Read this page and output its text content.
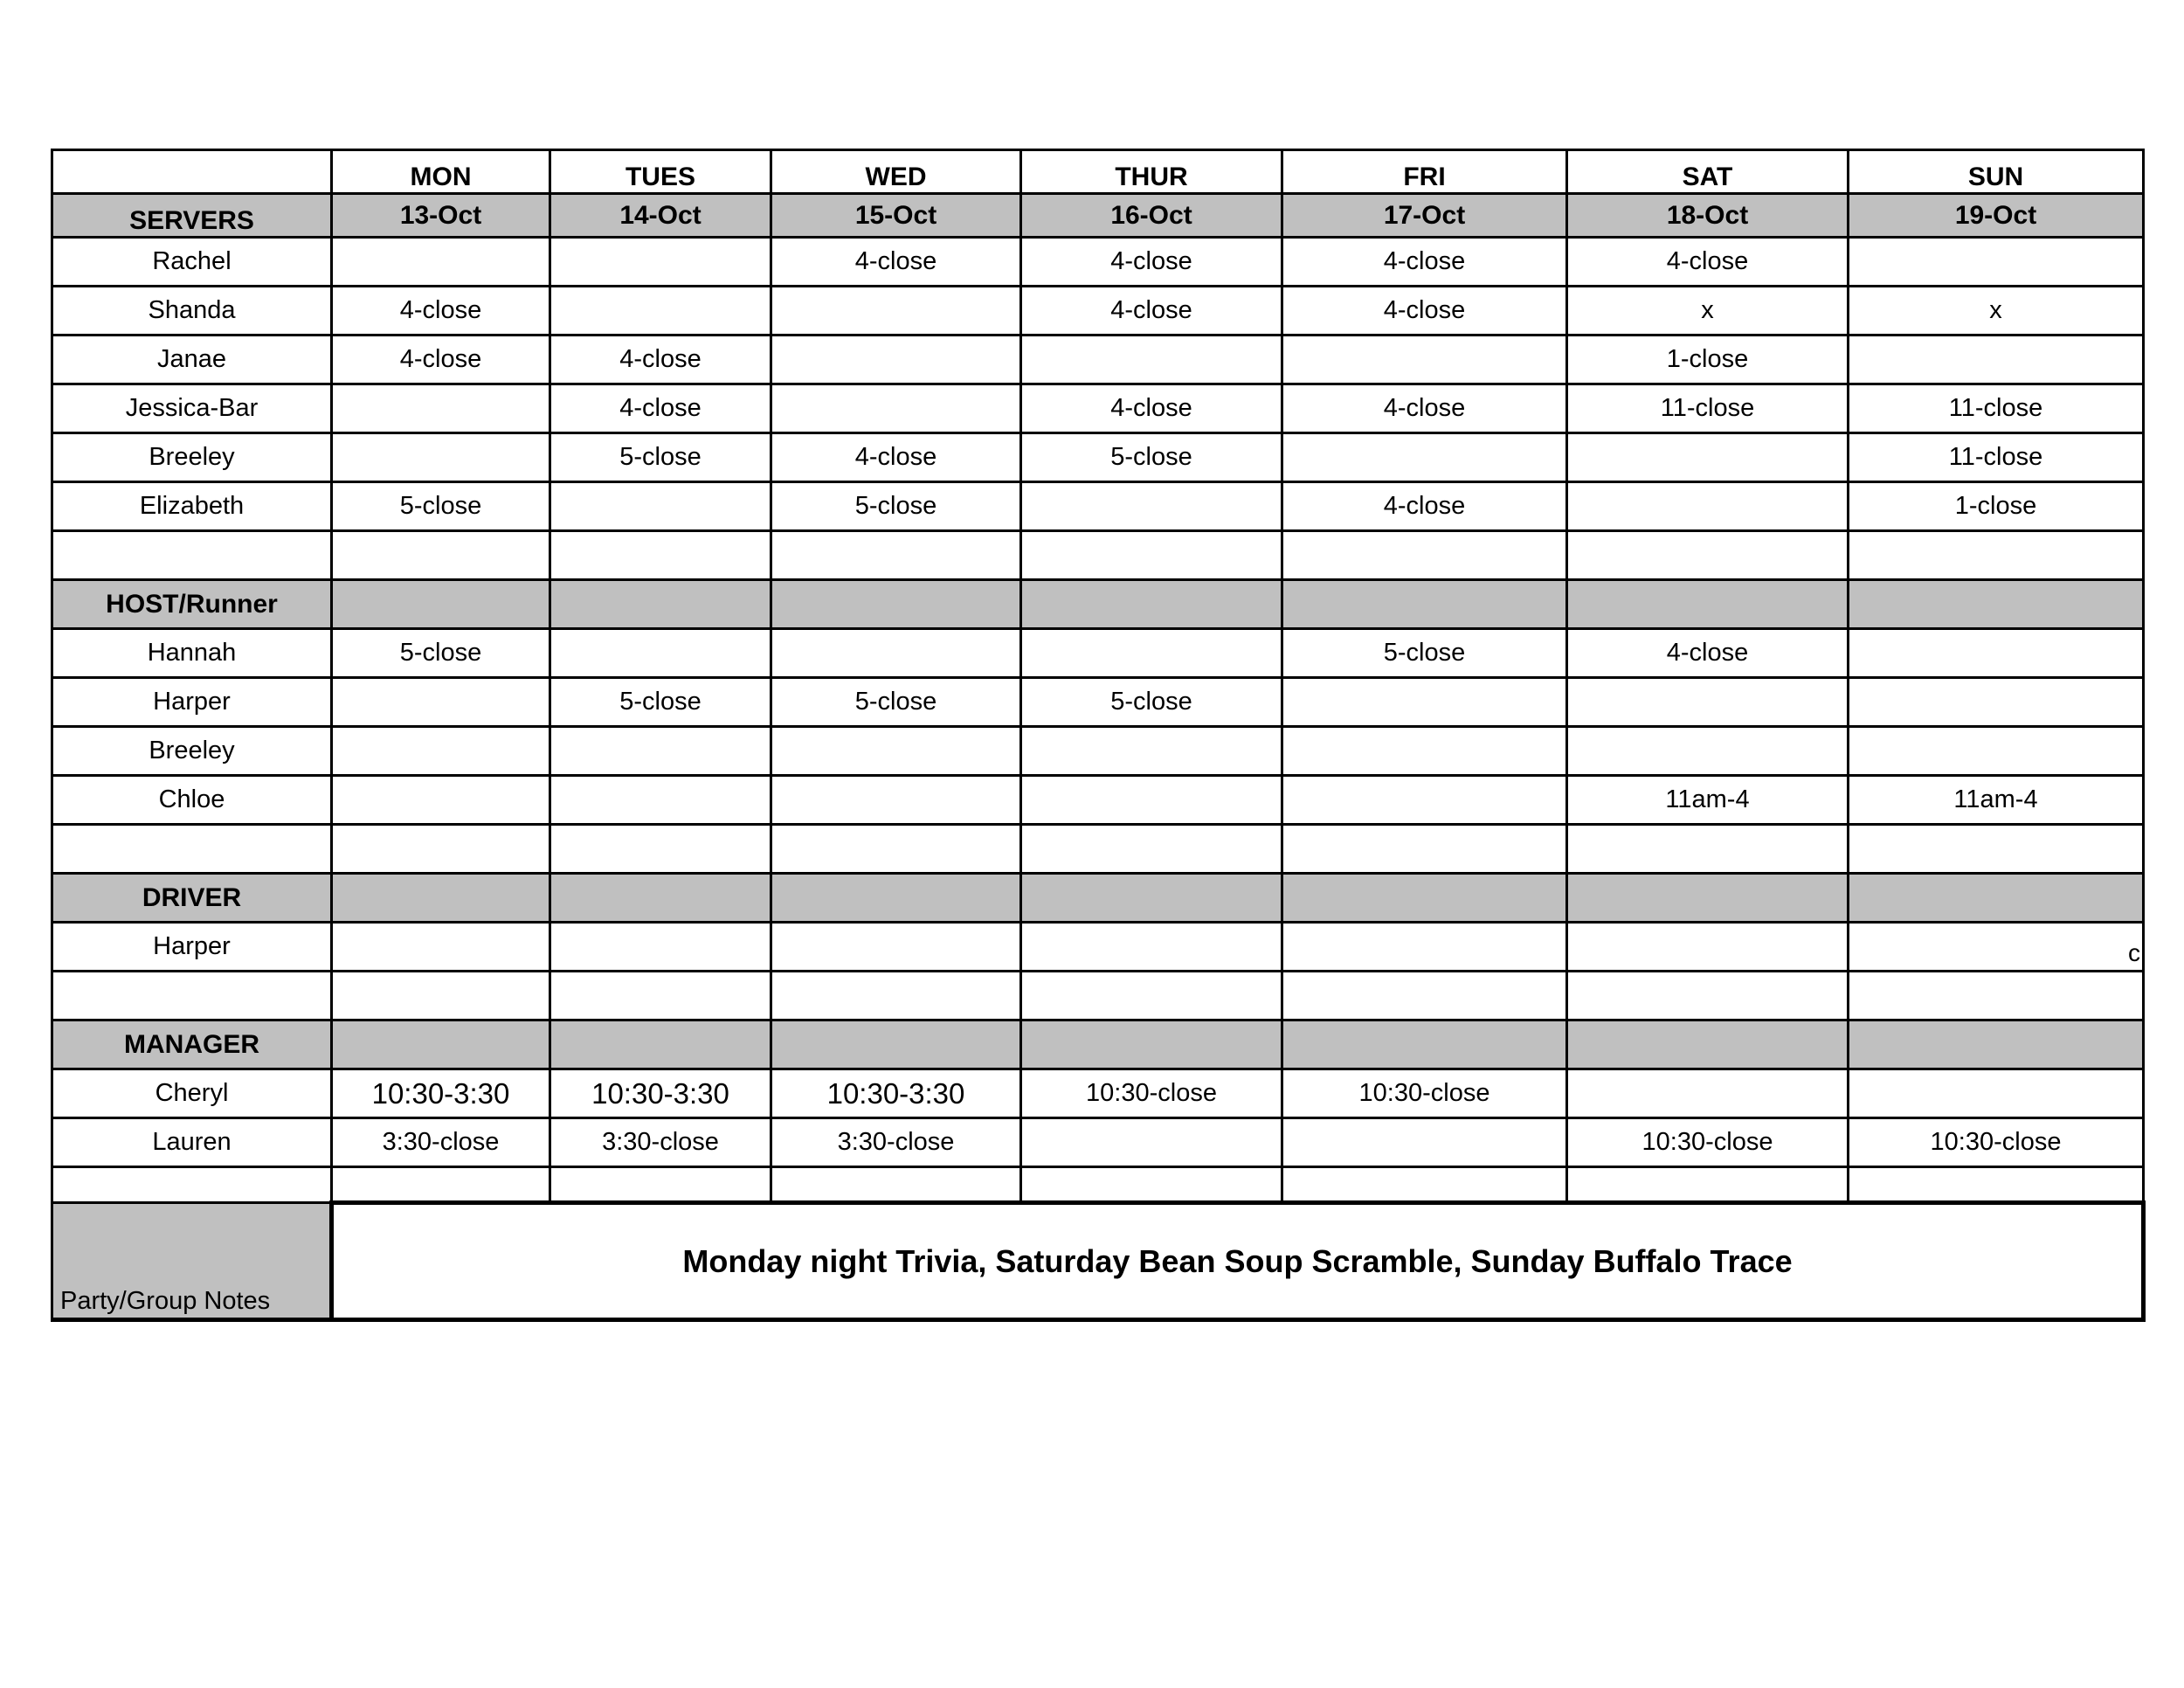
	MON	TUES	WED	THUR	FRI	SAT	SUN
SERVERS	13-Oct	14-Oct	15-Oct	16-Oct	17-Oct	18-Oct	19-Oct
Rachel			4-close	4-close	4-close	4-close	
Shanda	4-close			4-close	4-close	x	x
Janae	4-close	4-close				1-close	
Jessica-Bar		4-close		4-close	4-close	11-close	11-close
Breeley		5-close	4-close	5-close			11-close
Elizabeth	5-close		5-close		4-close		1-close

HOST/Runner							
Hannah	5-close				5-close	4-close	
Harper		5-close	5-close	5-close			
Breeley							
Chloe						11am-4	11am-4

DRIVER							
Harper							c

MANAGER							
Cheryl	10:30-3:30	10:30-3:30	10:30-3:30	10:30-close	10:30-close		
Lauren	3:30-close	3:30-close	3:30-close			10:30-close	10:30-close

Party/Group Notes	Monday night Trivia, Saturday Bean Soup Scramble, Sunday Buffalo Trace						
